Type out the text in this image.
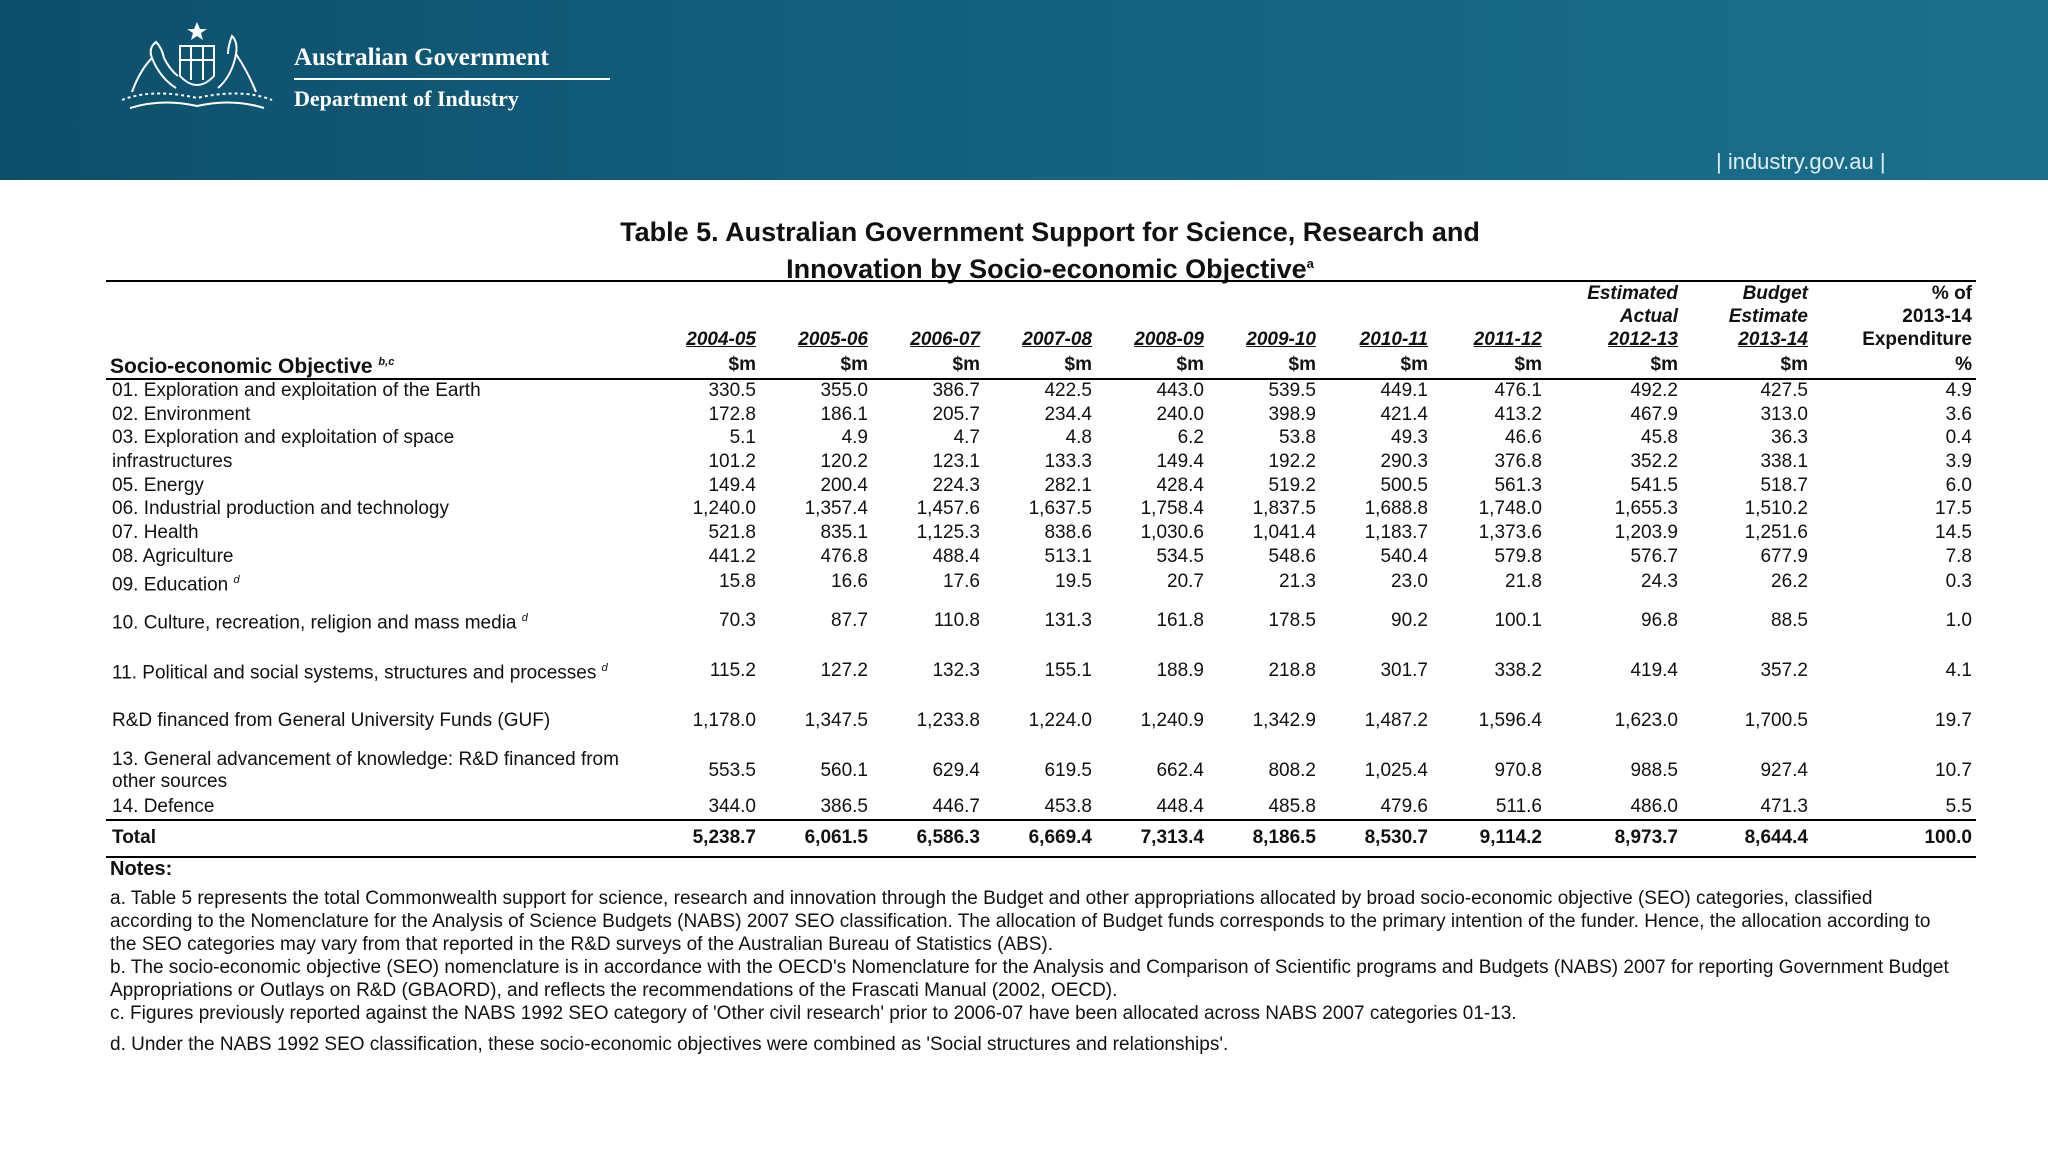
Australian Government
Department of Industry
| industry.gov.au |
Table 5. Australian Government Support for Science, Research and
Innovation by Socio-economic Objective$^a$
									Estimated	Budget	% of
									Actual	Estimate	2013-14
	2004-05	2005-06	2006-07	2007-08	2008-09	2009-10	2010-11	2011-12	2012-13	2013-14	Expenditure
Socio-economic Objective $^{b,c}$	$m	$m	$m	$m	$m	$m	$m	$m	$m	$m	%
01. Exploration and exploitation of the Earth	330.5	355.0	386.7	422.5	443.0	539.5	449.1	476.1	492.2	427.5	4.9
02. Environment	172.8	186.1	205.7	234.4	240.0	398.9	421.4	413.2	467.9	313.0	3.6
03. Exploration and exploitation of space	5.1	4.9	4.7	4.8	6.2	53.8	49.3	46.6	45.8	36.3	0.4
infrastructures	101.2	120.2	123.1	133.3	149.4	192.2	290.3	376.8	352.2	338.1	3.9
05. Energy	149.4	200.4	224.3	282.1	428.4	519.2	500.5	561.3	541.5	518.7	6.0
06. Industrial production and technology	1,240.0	1,357.4	1,457.6	1,637.5	1,758.4	1,837.5	1,688.8	1,748.0	1,655.3	1,510.2	17.5
07. Health	521.8	835.1	1,125.3	838.6	1,030.6	1,041.4	1,183.7	1,373.6	1,203.9	1,251.6	14.5
08. Agriculture	441.2	476.8	488.4	513.1	534.5	548.6	540.4	579.8	576.7	677.9	7.8
09. Education $^d$	15.8	16.6	17.6	19.5	20.7	21.3	23.0	21.8	24.3	26.2	0.3
10. Culture, recreation, religion and mass media $^d$	70.3	87.7	110.8	131.3	161.8	178.5	90.2	100.1	96.8	88.5	1.0
11. Political and social systems, structures and processes $^d$	115.2	127.2	132.3	155.1	188.9	218.8	301.7	338.2	419.4	357.2	4.1
R&D financed from General University Funds (GUF)	1,178.0	1,347.5	1,233.8	1,224.0	1,240.9	1,342.9	1,487.2	1,596.4	1,623.0	1,700.5	19.7
13. General advancement of knowledge: R&D financed from other sources	553.5	560.1	629.4	619.5	662.4	808.2	1,025.4	970.8	988.5	927.4	10.7
14. Defence	344.0	386.5	446.7	453.8	448.4	485.8	479.6	511.6	486.0	471.3	5.5
Total	5,238.7	6,061.5	6,586.3	6,669.4	7,313.4	8,186.5	8,530.7	9,114.2	8,973.7	8,644.4	100.0
Notes:

a. Table 5 represents the total Commonwealth support for science, research and innovation through the Budget and other appropriations allocated by broad socio-economic objective (SEO) categories, classified according to the Nomenclature for the Analysis of Science Budgets (NABS) 2007 SEO classification. The allocation of Budget funds corresponds to the primary intention of the funder. Hence, the allocation according to the SEO categories may vary from that reported in the R&D surveys of the Australian Bureau of Statistics (ABS).

b. The socio-economic objective (SEO) nomenclature is in accordance with the OECD's Nomenclature for the Analysis and Comparison of Scientific programs and Budgets (NABS) 2007 for reporting Government Budget Appropriations or Outlays on R&D (GBAORD), and reflects the recommendations of the Frascati Manual (2002, OECD).

c. Figures previously reported against the NABS 1992 SEO category of 'Other civil research' prior to 2006-07 have been allocated across NABS 2007 categories 01-13.

d. Under the NABS 1992 SEO classification, these socio-economic objectives were combined as 'Social structures and relationships'.
